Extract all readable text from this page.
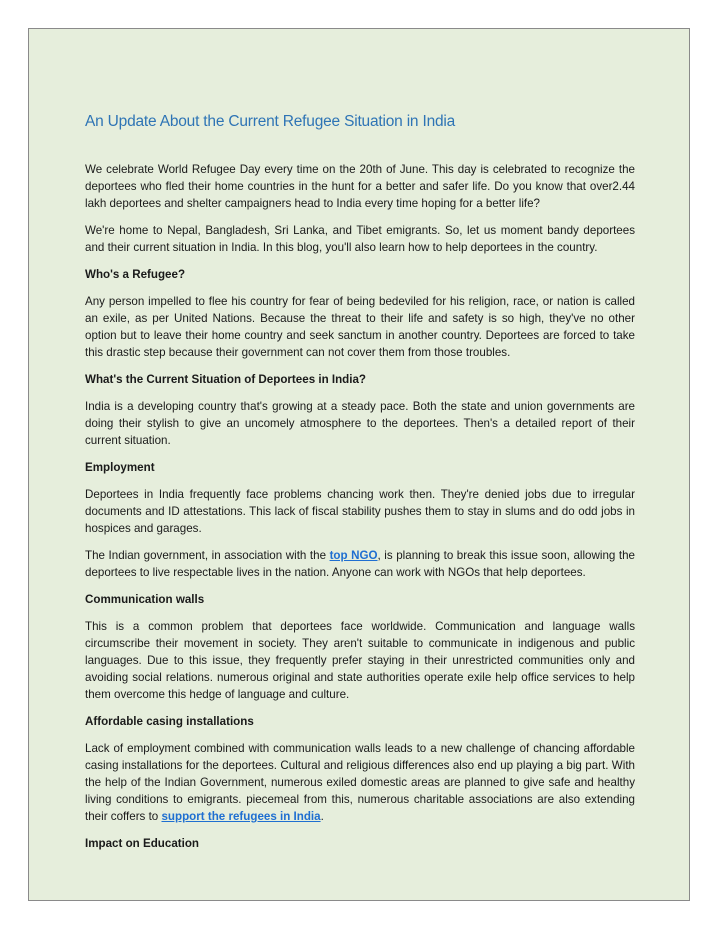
An Update About the Current Refugee Situation in India

We celebrate World Refugee Day every time on the 20th of June. This day is celebrated to recognize the deportees who fled their home countries in the hunt for a better and safer life. Do you know that over2.44 lakh deportees and shelter campaigners head to India every time hoping for a better life?

We're home to Nepal, Bangladesh, Sri Lanka, and Tibet emigrants. So, let us moment bandy deportees and their current situation in India. In this blog, you'll also learn how to help deportees in the country.

Who's a Refugee?

Any person impelled to flee his country for fear of being bedeviled for his religion, race, or nation is called an exile, as per United Nations. Because the threat to their life and safety is so high, they've no other option but to leave their home country and seek sanctum in another country. Deportees are forced to take this drastic step because their government can not cover them from those troubles.

What's the Current Situation of Deportees in India?

India is a developing country that's growing at a steady pace. Both the state and union governments are doing their stylish to give an uncomely atmosphere to the deportees. Then's a detailed report of their current situation.

Employment

Deportees in India frequently face problems chancing work then. They're denied jobs due to irregular documents and ID attestations. This lack of fiscal stability pushes them to stay in slums and do odd jobs in hospices and garages.

The Indian government, in association with the top NGO, is planning to break this issue soon, allowing the deportees to live respectable lives in the nation. Anyone can work with NGOs that help deportees.

Communication walls

This is a common problem that deportees face worldwide. Communication and language walls circumscribe their movement in society. They aren't suitable to communicate in indigenous and public languages. Due to this issue, they frequently prefer staying in their unrestricted communities only and avoiding social relations. numerous original and state authorities operate exile help office services to help them overcome this hedge of language and culture.

Affordable casing installations

Lack of employment combined with communication walls leads to a new challenge of chancing affordable casing installations for the deportees. Cultural and religious differences also end up playing a big part. With the help of the Indian Government, numerous exiled domestic areas are planned to give safe and healthy living conditions to emigrants. piecemeal from this, numerous charitable associations are also extending their coffers to support the refugees in India.

Impact on Education
